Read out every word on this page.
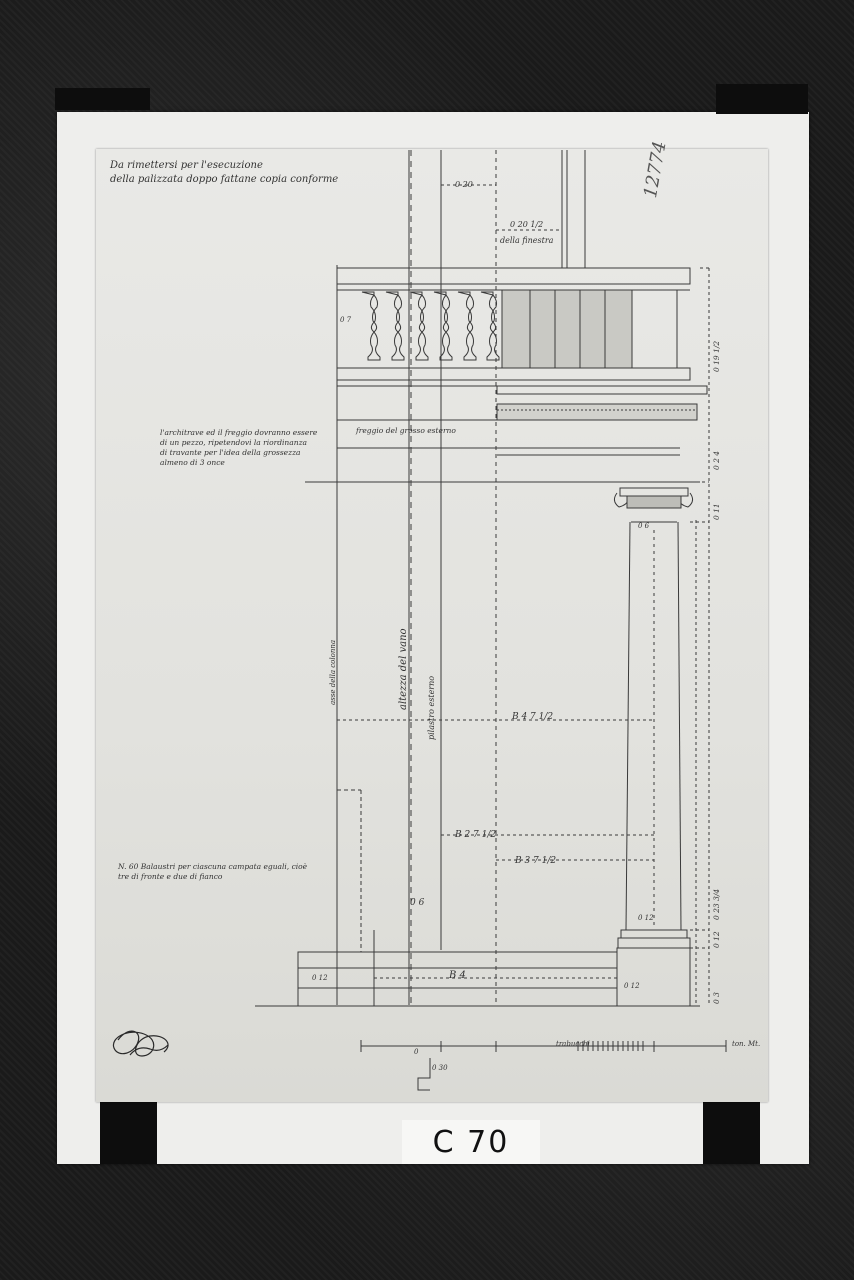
Da rimettersi per l'esecuzione
della palizzata doppo fattane copia conforme	12774
della finestra
0 20
0 20 1/2
0 7
l'architrave ed il freggio dovranno essere
di un pezzo, ripetendovi la riordinanza
di travante per l'idea della grossezza
almeno di 3 once
freggio del grosso esterno
asse della colonna	altezza del vano pilastro esterno	B 4 7 1/2
B 2 7 1/2
B 3 7 1/2
B 4
0 6
0 12
0 12
0 6
0 12
0 19 1/2
0 2 4
0 11
0 23 3/4
0 12
0 3
N. 60 Balaustri per ciascuna campata eguali, cioè
tre di fronte e due di fianco
trabucchi	ton. Mt.
0
0 30
C 70
